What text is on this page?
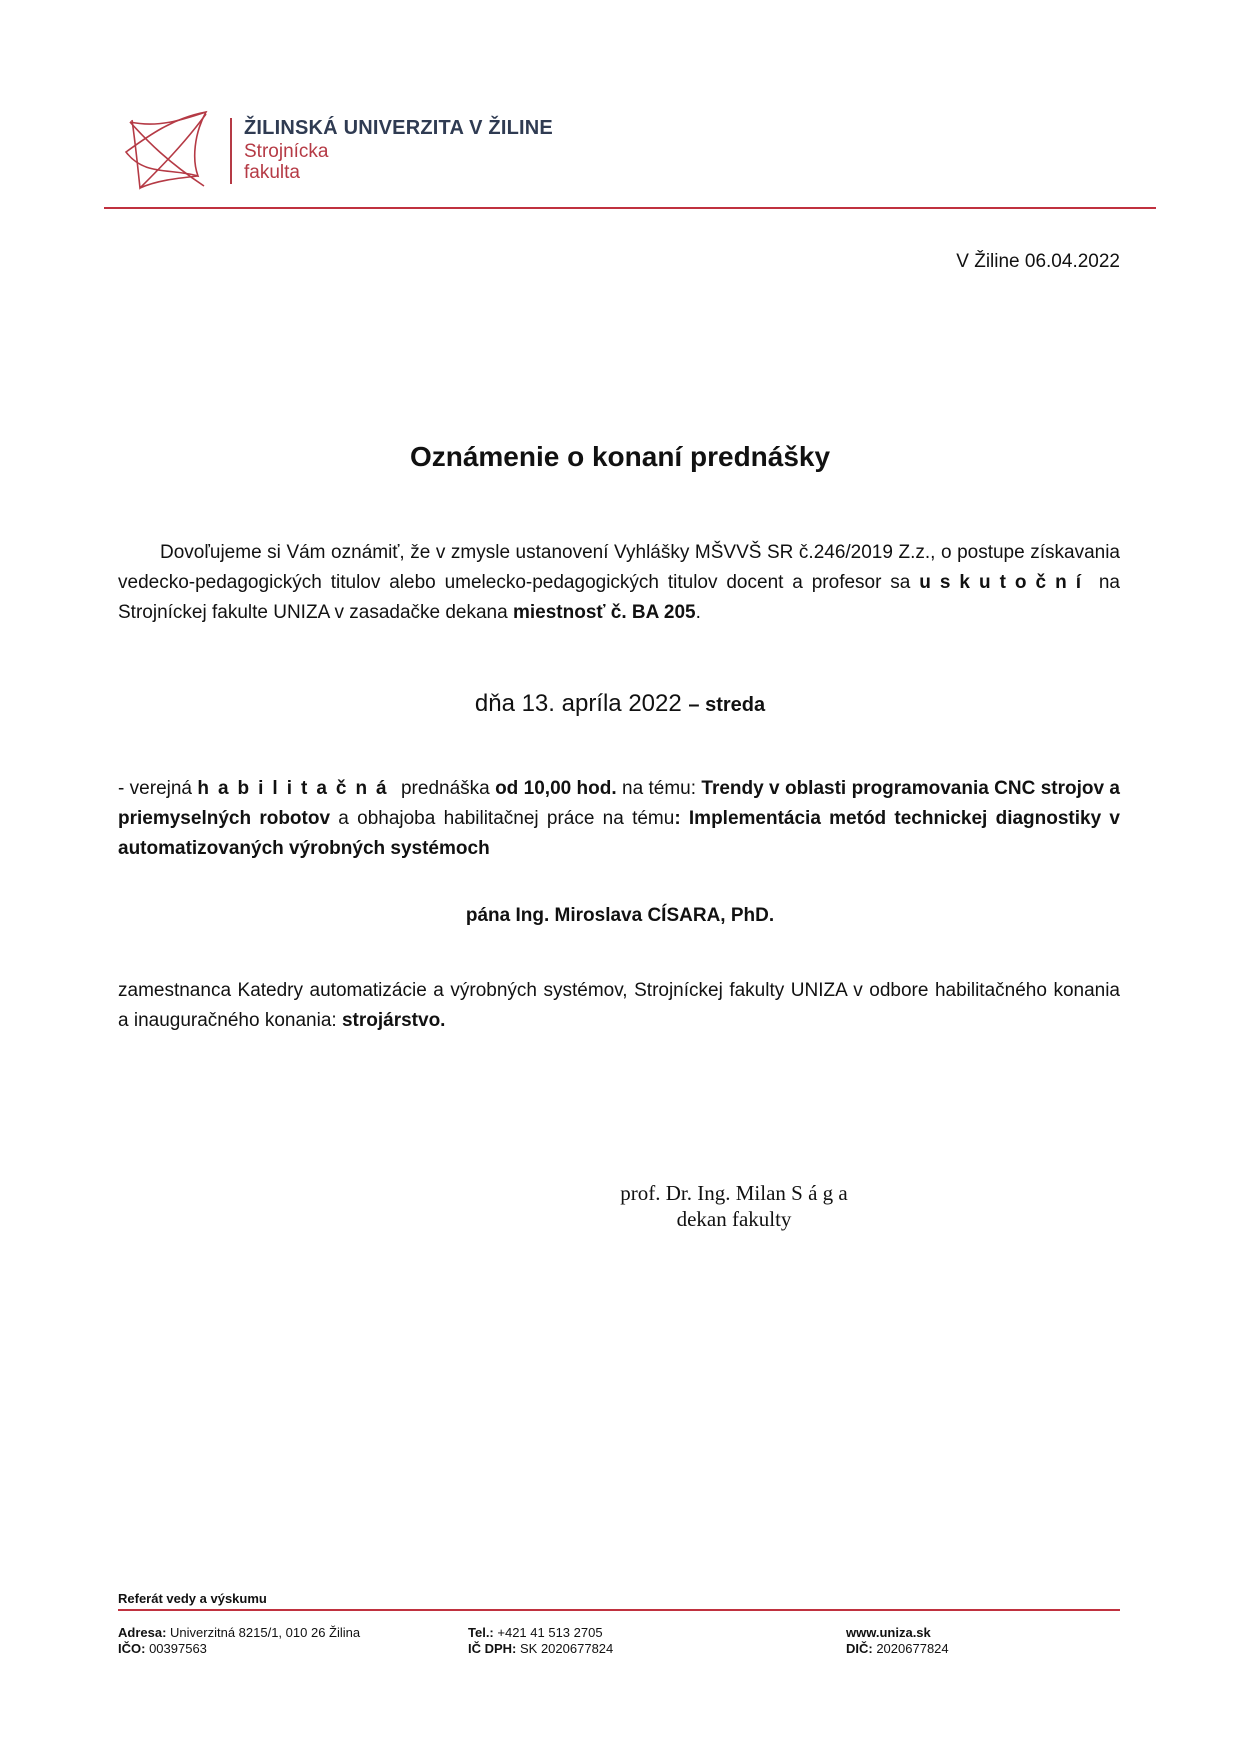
ŽILINSKÁ UNIVERZITA V ŽILINE
Strojnícka
fakulta
V Žiline 06.04.2022
Oznámenie o konaní prednášky
Dovoľujeme si Vám oznámiť, že v zmysle ustanovení Vyhlášky MŠVVŠ SR č.246/2019 Z.z., o postupe získavania vedecko-pedagogických titulov alebo umelecko-pedagogických titulov docent a profesor sa uskutoční na Strojníckej fakulte UNIZA v zasadačke dekana miestnosť č. BA 205.
dňa 13. apríla 2022 – streda
- verejná habilitačná prednáška od 10,00 hod. na tému: Trendy v oblasti programovania CNC strojov a priemyselných robotov a obhajoba habilitačnej práce na tému: Implementácia metód technickej diagnostiky v automatizovaných výrobných systémoch
pána Ing. Miroslava CÍSARA, PhD.
zamestnanca Katedry automatizácie a výrobných systémov, Strojníckej fakulty UNIZA v odbore habilitačného konania a inauguračného konania: strojárstvo.
prof. Dr. Ing. Milan S á g a
dekan fakulty
Referát vedy a výskumu
Adresa: Univerzitná 8215/1, 010 26 Žilina
IČO: 00397563
Tel.: +421 41 513 2705
IČ DPH: SK 2020677824
www.uniza.sk
DIČ: 2020677824
